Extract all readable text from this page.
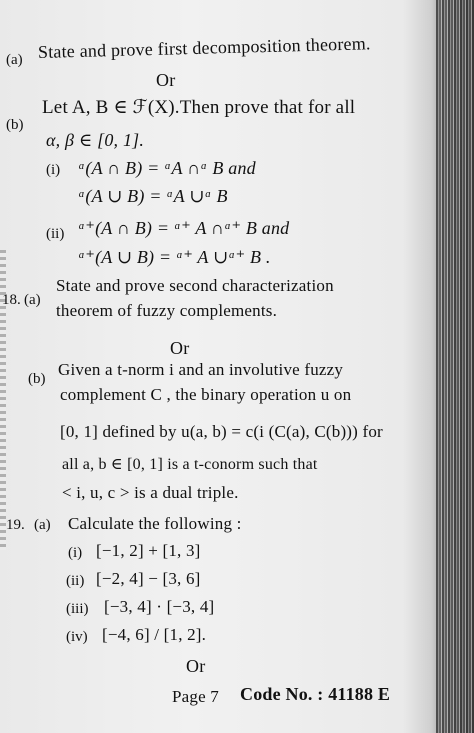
(a) State and prove first decomposition theorem.
Or
(b)
Let A, B ∈ ℱ(X).Then prove that for all
α, β ∈ [0, 1].
(i) ᵅ(A ∩ B) = ᵅA ∩ᵅ B and
ᵅ(A ∪ B) = ᵅA ∪ᵅ B
(ii) ᵅ⁺(A ∩ B) = ᵅ⁺ A ∩ᵅ⁺ B and
ᵅ⁺(A ∪ B) = ᵅ⁺ A ∪ᵅ⁺ B .
18. (a)
State and prove second characterization
theorem of fuzzy complements.
Or
(b) Given a t-norm i and an involutive fuzzy
complement C , the binary operation u on
[0, 1] defined by u(a, b) = c(i (C(a), C(b))) for
all a, b ∈ [0, 1] is a t-conorm such that
< i, u, c > is a dual triple.
19. (a) Calculate the following :
(i) [−1, 2] + [1, 3]
(ii) [−2, 4] − [3, 6]
(iii) [−3, 4] · [−3, 4]
(iv) [−4, 6] / [1, 2].
Or
Page 7 Code No. : 41188 E
